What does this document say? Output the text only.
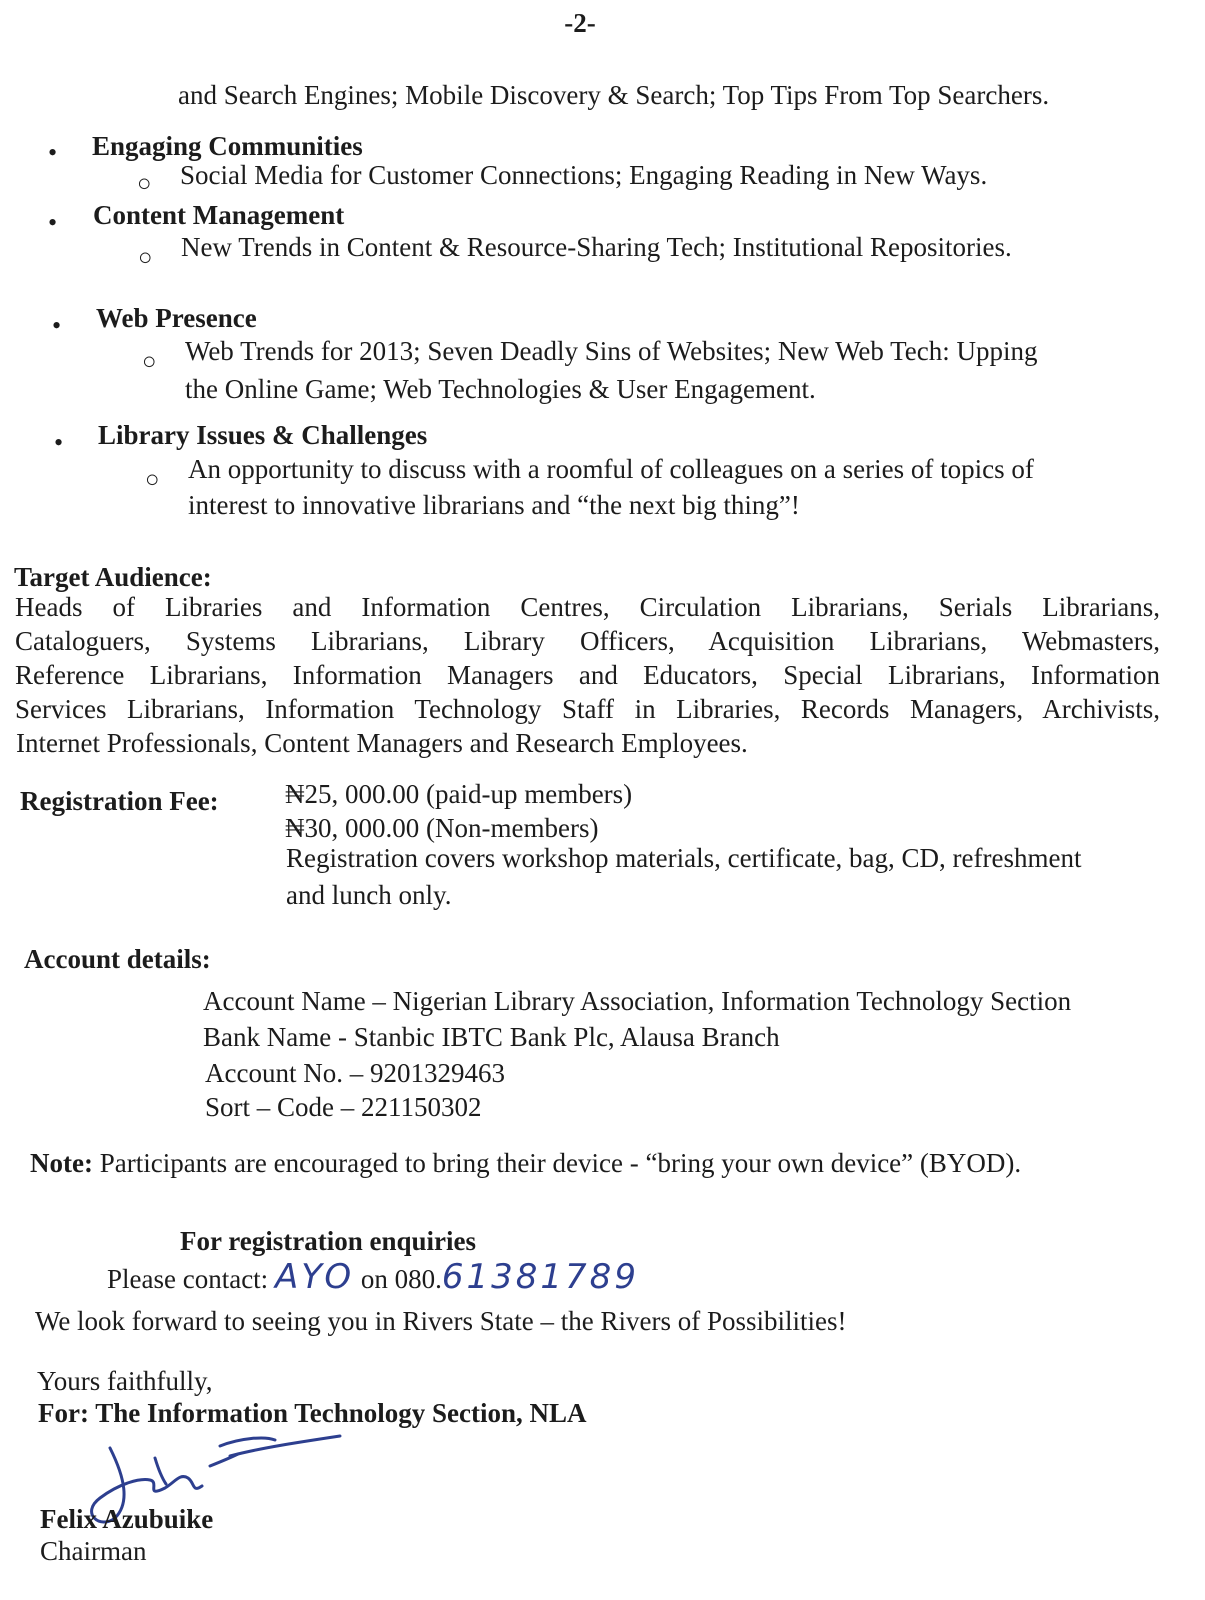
-2-
and Search Engines; Mobile Discovery & Search; Top Tips From Top Searchers.
• Engaging Communities
○ Social Media for Customer Connections; Engaging Reading in New Ways.
• Content Management
○ New Trends in Content & Resource-Sharing Tech; Institutional Repositories.
• Web Presence
○ Web Trends for 2013; Seven Deadly Sins of Websites; New Web Tech: Upping
the Online Game; Web Technologies & User Engagement.
• Library Issues & Challenges
○ An opportunity to discuss with a roomful of colleagues on a series of topics of
interest to innovative librarians and “the next big thing”!
Target Audience:
Heads of Libraries and Information Centres, Circulation Librarians, Serials Librarians,
Cataloguers, Systems Librarians, Library Officers, Acquisition Librarians, Webmasters,
Reference Librarians, Information Managers and Educators, Special Librarians, Information
Services Librarians, Information Technology Staff in Libraries, Records Managers, Archivists,
Internet Professionals, Content Managers and Research Employees.
Registration Fee: ₦25, 000.00 (paid-up members)
₦30, 000.00 (Non-members)
Registration covers workshop materials, certificate, bag, CD, refreshment
and lunch only.
Account details:
Account Name – Nigerian Library Association, Information Technology Section
Bank Name - Stanbic IBTC Bank Plc, Alausa Branch
Account No. – 9201329463
Sort – Code – 221150302
Note: Participants are encouraged to bring their device - “bring your own device” (BYOD).
For registration enquiries
Please contact: AYO on 080.61381789
We look forward to seeing you in Rivers State – the Rivers of Possibilities!
Yours faithfully,
For: The Information Technology Section, NLA
Felix Azubuike
Chairman
